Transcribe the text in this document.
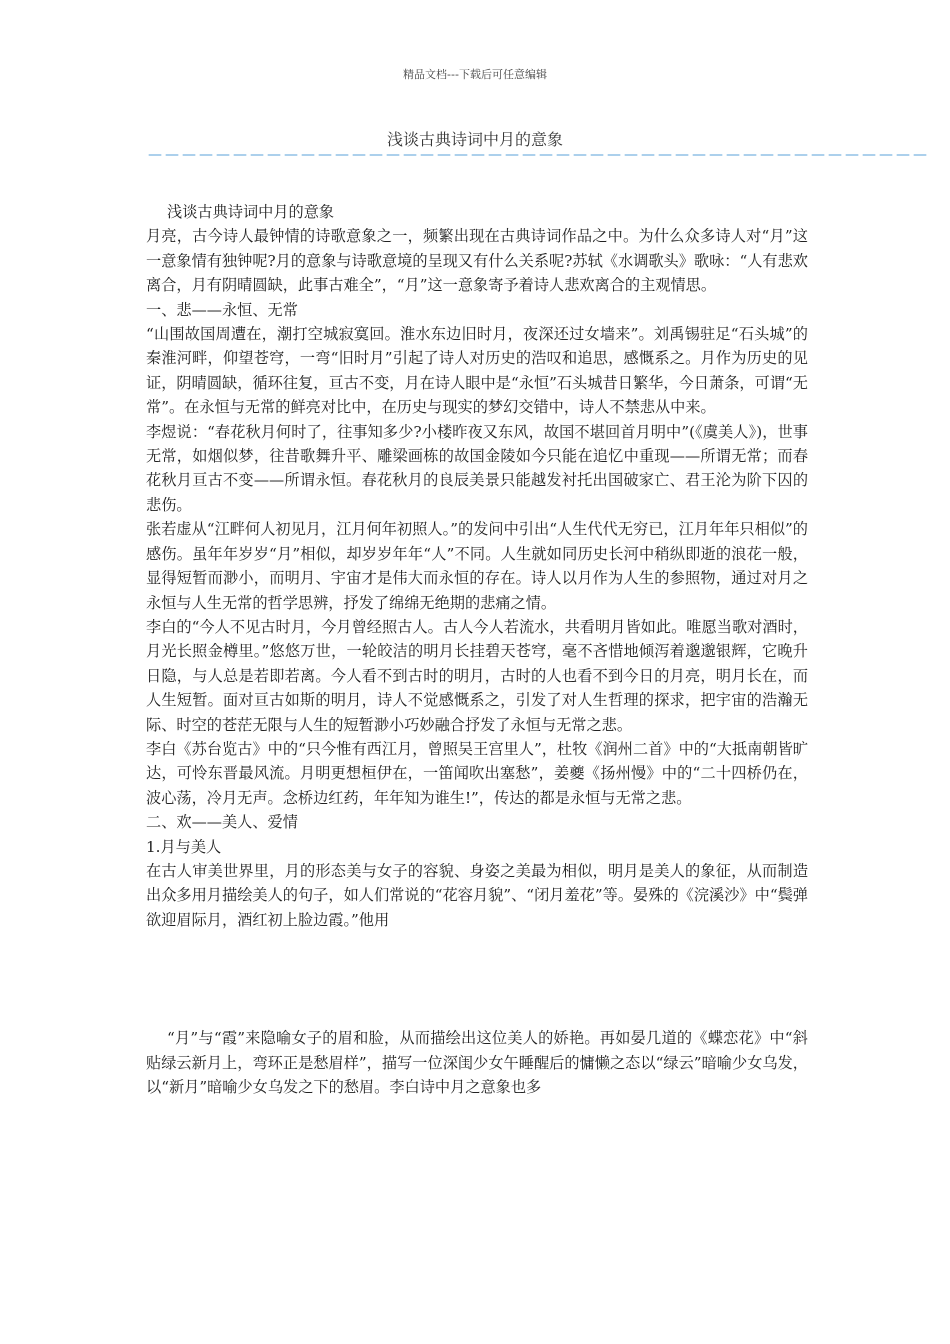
精品文档---下载后可任意编辑
浅谈古典诗词中月的意象
——————————————————————————————————————————————

浅谈古典诗词中月的意象

月亮，古今诗人最钟情的诗歌意象之一，频繁出现在古典诗词作品之中。为什么众多诗人对“月”这一意象情有独钟呢?月的意象与诗歌意境的呈现又有什么关系呢?苏轼《水调歌头》歌咏：“人有悲欢离合，月有阴晴圆缺，此事古难全”，“月”这一意象寄予着诗人悲欢离合的主观情思。

一、悲——永恒、无常

“山围故国周遭在，潮打空城寂寞回。淮水东边旧时月，夜深还过女墙来”。刘禹锡驻足“石头城”的秦淮河畔，仰望苍穹，一弯“旧时月”引起了诗人对历史的浩叹和追思，感慨系之。月作为历史的见证，阴晴圆缺，循环往复，亘古不变，月在诗人眼中是“永恒”石头城昔日繁华，今日萧条，可谓“无常”。在永恒与无常的鲜亮对比中，在历史与现实的梦幻交错中，诗人不禁悲从中来。

李煜说：“春花秋月何时了，往事知多少?小楼昨夜又东风，故国不堪回首月明中”(《虞美人》)，世事无常，如烟似梦，往昔歌舞升平、雕梁画栋的故国金陵如今只能在追忆中重现——所谓无常；而春花秋月亘古不变——所谓永恒。春花秋月的良辰美景只能越发衬托出国破家亡、君王沦为阶下囚的悲伤。

张若虚从“江畔何人初见月，江月何年初照人。”的发问中引出“人生代代无穷已，江月年年只相似”的感伤。虽年年岁岁“月”相似，却岁岁年年“人”不同。人生就如同历史长河中稍纵即逝的浪花一般，显得短暂而渺小，而明月、宇宙才是伟大而永恒的存在。诗人以月作为人生的参照物，通过对月之永恒与人生无常的哲学思辨，抒发了绵绵无绝期的悲痛之情。

李白的“今人不见古时月，今月曾经照古人。古人今人若流水，共看明月皆如此。唯愿当歌对酒时，月光长照金樽里。”悠悠万世，一轮皎洁的明月长挂碧天苍穹，毫不吝惜地倾泻着邈邈银辉，它晚升日隐，与人总是若即若离。今人看不到古时的明月，古时的人也看不到今日的月亮，明月长在，而人生短暂。面对亘古如斯的明月，诗人不觉感慨系之，引发了对人生哲理的探求，把宇宙的浩瀚无际、时空的苍茫无限与人生的短暂渺小巧妙融合抒发了永恒与无常之悲。

李白《苏台览古》中的“只今惟有西江月，曾照吴王宫里人”，杜牧《润州二首》中的“大抵南朝皆旷达，可怜东晋最风流。月明更想桓伊在，一笛闻吹出塞愁”，姜夔《扬州慢》中的“二十四桥仍在，波心荡，冷月无声。念桥边红药，年年知为谁生!”，传达的都是永恒与无常之悲。

二、欢——美人、爱情

1.月与美人

在古人审美世界里，月的形态美与女子的容貌、身姿之美最为相似，明月是美人的象征，从而制造出众多用月描绘美人的句子，如人们常说的“花容月貌”、“闭月羞花”等。晏殊的《浣溪沙》中“鬓弹欲迎眉际月，酒红初上脸边霞。”他用

“月”与“霞”来隐喻女子的眉和脸，从而描绘出这位美人的娇艳。再如晏几道的《蝶恋花》中“斜贴绿云新月上，弯环正是愁眉样”，描写一位深闺少女午睡醒后的慵懒之态以“绿云”暗喻少女乌发，以“新月”暗喻少女乌发之下的愁眉。李白诗中月之意象也多
